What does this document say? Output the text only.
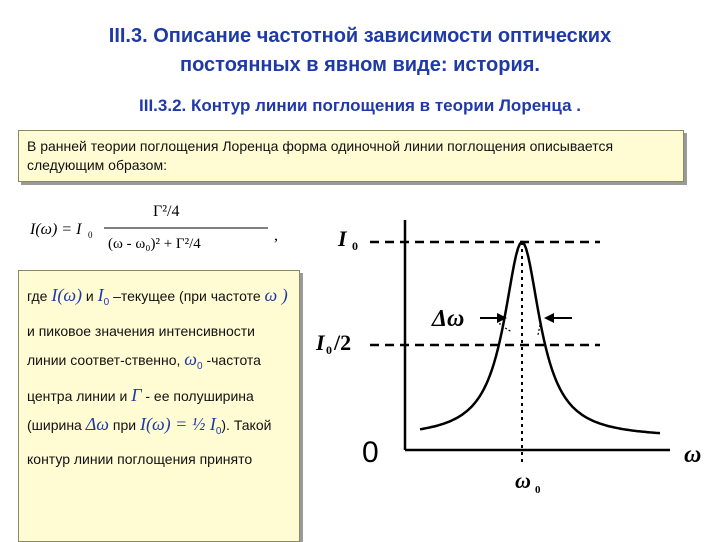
III.3. Описание частотной зависимости оптических
постоянных в явном виде: история.
III.3.2. Контур линии поглощения в теории Лоренца .
В ранней теории поглощения Лоренца форма одиночной линии поглощения описывается следующим образом:
I(ω) = I 0
Γ²/4
(ω - ω₀)² + Γ²/4	,
где I(ω) и $I_0$ –текущее (при частоте ω ) и пиковое значения интенсивности линии соответ-ственно, $\omega_0$ -частота центра линии и Γ - ее полуширина (ширина Δω при I(ω) = ½ $I_0$). Такой контур линии поглощения принято
I 0
I 0 /2
0
Δω
ω
ω 0
